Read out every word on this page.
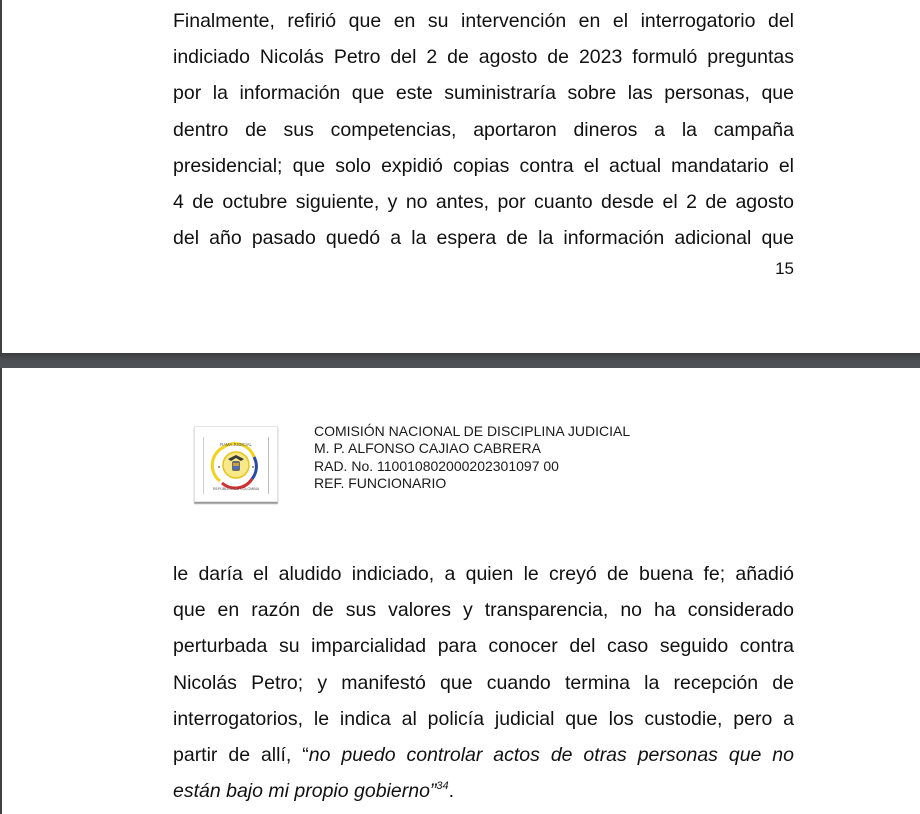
Finalmente, refirió que en su intervención en el interrogatorio del
indiciado Nicolás Petro del 2 de agosto de 2023 formuló preguntas
por la información que este suministraría sobre las personas, que
dentro de sus competencias, aportaron dineros a la campaña
presidencial; que solo expidió copias contra el actual mandatario el
4 de octubre siguiente, y no antes, por cuanto desde el 2 de agosto
del año pasado quedó a la espera de la información adicional que

15
RAMA JUDICIAL
REPÚBLICA DE COLOMBIA
COMISIÓN NACIONAL DE DISCIPLINA JUDICIAL
M. P. ALFONSO CAJIAO CABRERA
RAD. No. 110010802000202301097 00
REF. FUNCIONARIO

le daría el aludido indiciado, a quien le creyó de buena fe; añadió
que en razón de sus valores y transparencia, no ha considerado
perturbada su imparcialidad para conocer del caso seguido contra
Nicolás Petro; y manifestó que cuando termina la recepción de
interrogatorios, le indica al policía judicial que los custodie, pero a
partir de allí, “no puedo controlar actos de otras personas que no
están bajo mi propio gobierno”$^{34}$.
